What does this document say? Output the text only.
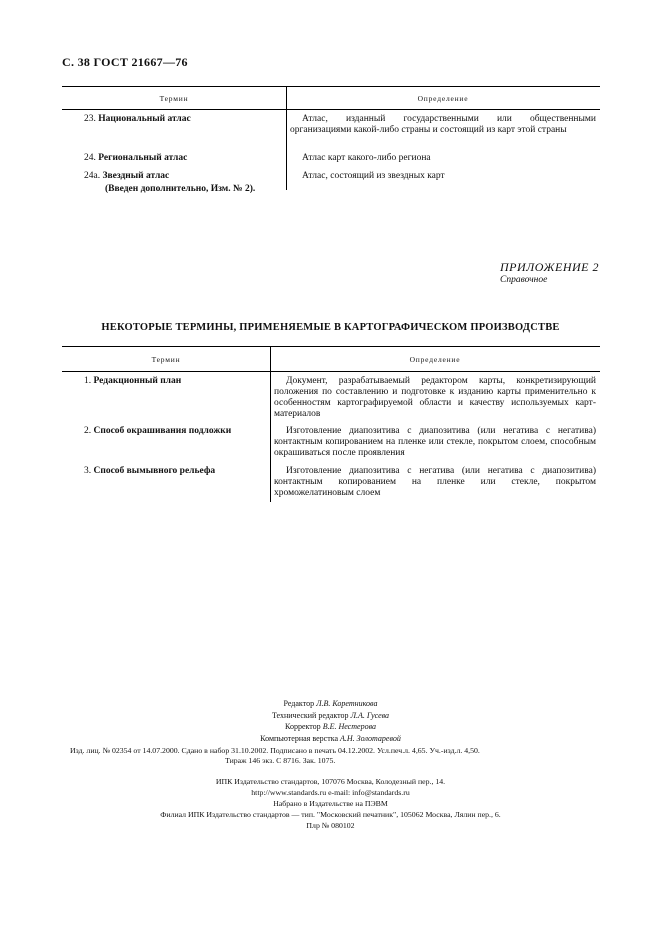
С. 38 ГОСТ 21667—76
Термин	Определение
23. Национальный атлас	Атлас, изданный государственными или общественными организациями какой-либо страны и состоящий из карт этой страны
24. Региональный атлас	Атлас карт какого-либо региона
24а. Звездный атлас	Атлас, состоящий из звездных карт
(Введен дополнительно, Изм. № 2).
ПРИЛОЖЕНИЕ 2
Справочное
НЕКОТОРЫЕ ТЕРМИНЫ, ПРИМЕНЯЕМЫЕ В КАРТОГРАФИЧЕСКОМ ПРОИЗВОДСТВЕ
Термин	Определение
1. Редакционный план	Документ, разрабатываемый редактором карты, конкретизирующий положения по составлению и подготовке к изданию карты применительно к особенностям картографируемой области и качеству используемых карт-материалов
2. Способ окрашивания подложки	Изготовление диапозитива с диапозитива (или негатива с негатива) контактным копированием на пленке или стекле, покрытом слоем, способным окрашиваться после проявления
3. Способ вымывного рельефа	Изготовление диапозитива с негатива (или негатива с диапозитива) контактным копированием на пленке или стекле, покрытом хроможелатиновым слоем
Редактор Л.В. Коретникова
Технический редактор Л.А. Гусева
Корректор В.Е. Нестерова
Компьютерная верстка А.Н. Золотаревой
Изд. лиц. № 02354 от 14.07.2000. Сдано в набор 31.10.2002. Подписано в печать 04.12.2002. Усл.печ.л. 4,65. Уч.-изд.л. 4,50.
Тираж 146 экз. С 8716. Зак. 1075.
ИПК Издательство стандартов, 107076 Москва, Колодезный пер., 14.
http://www.standards.ru e-mail: info@standards.ru
Набрано в Издательстве на ПЭВМ
Филиал ИПК Издательство стандартов — тип. "Московский печатник", 105062 Москва, Лялин пер., 6.
Плр № 080102
